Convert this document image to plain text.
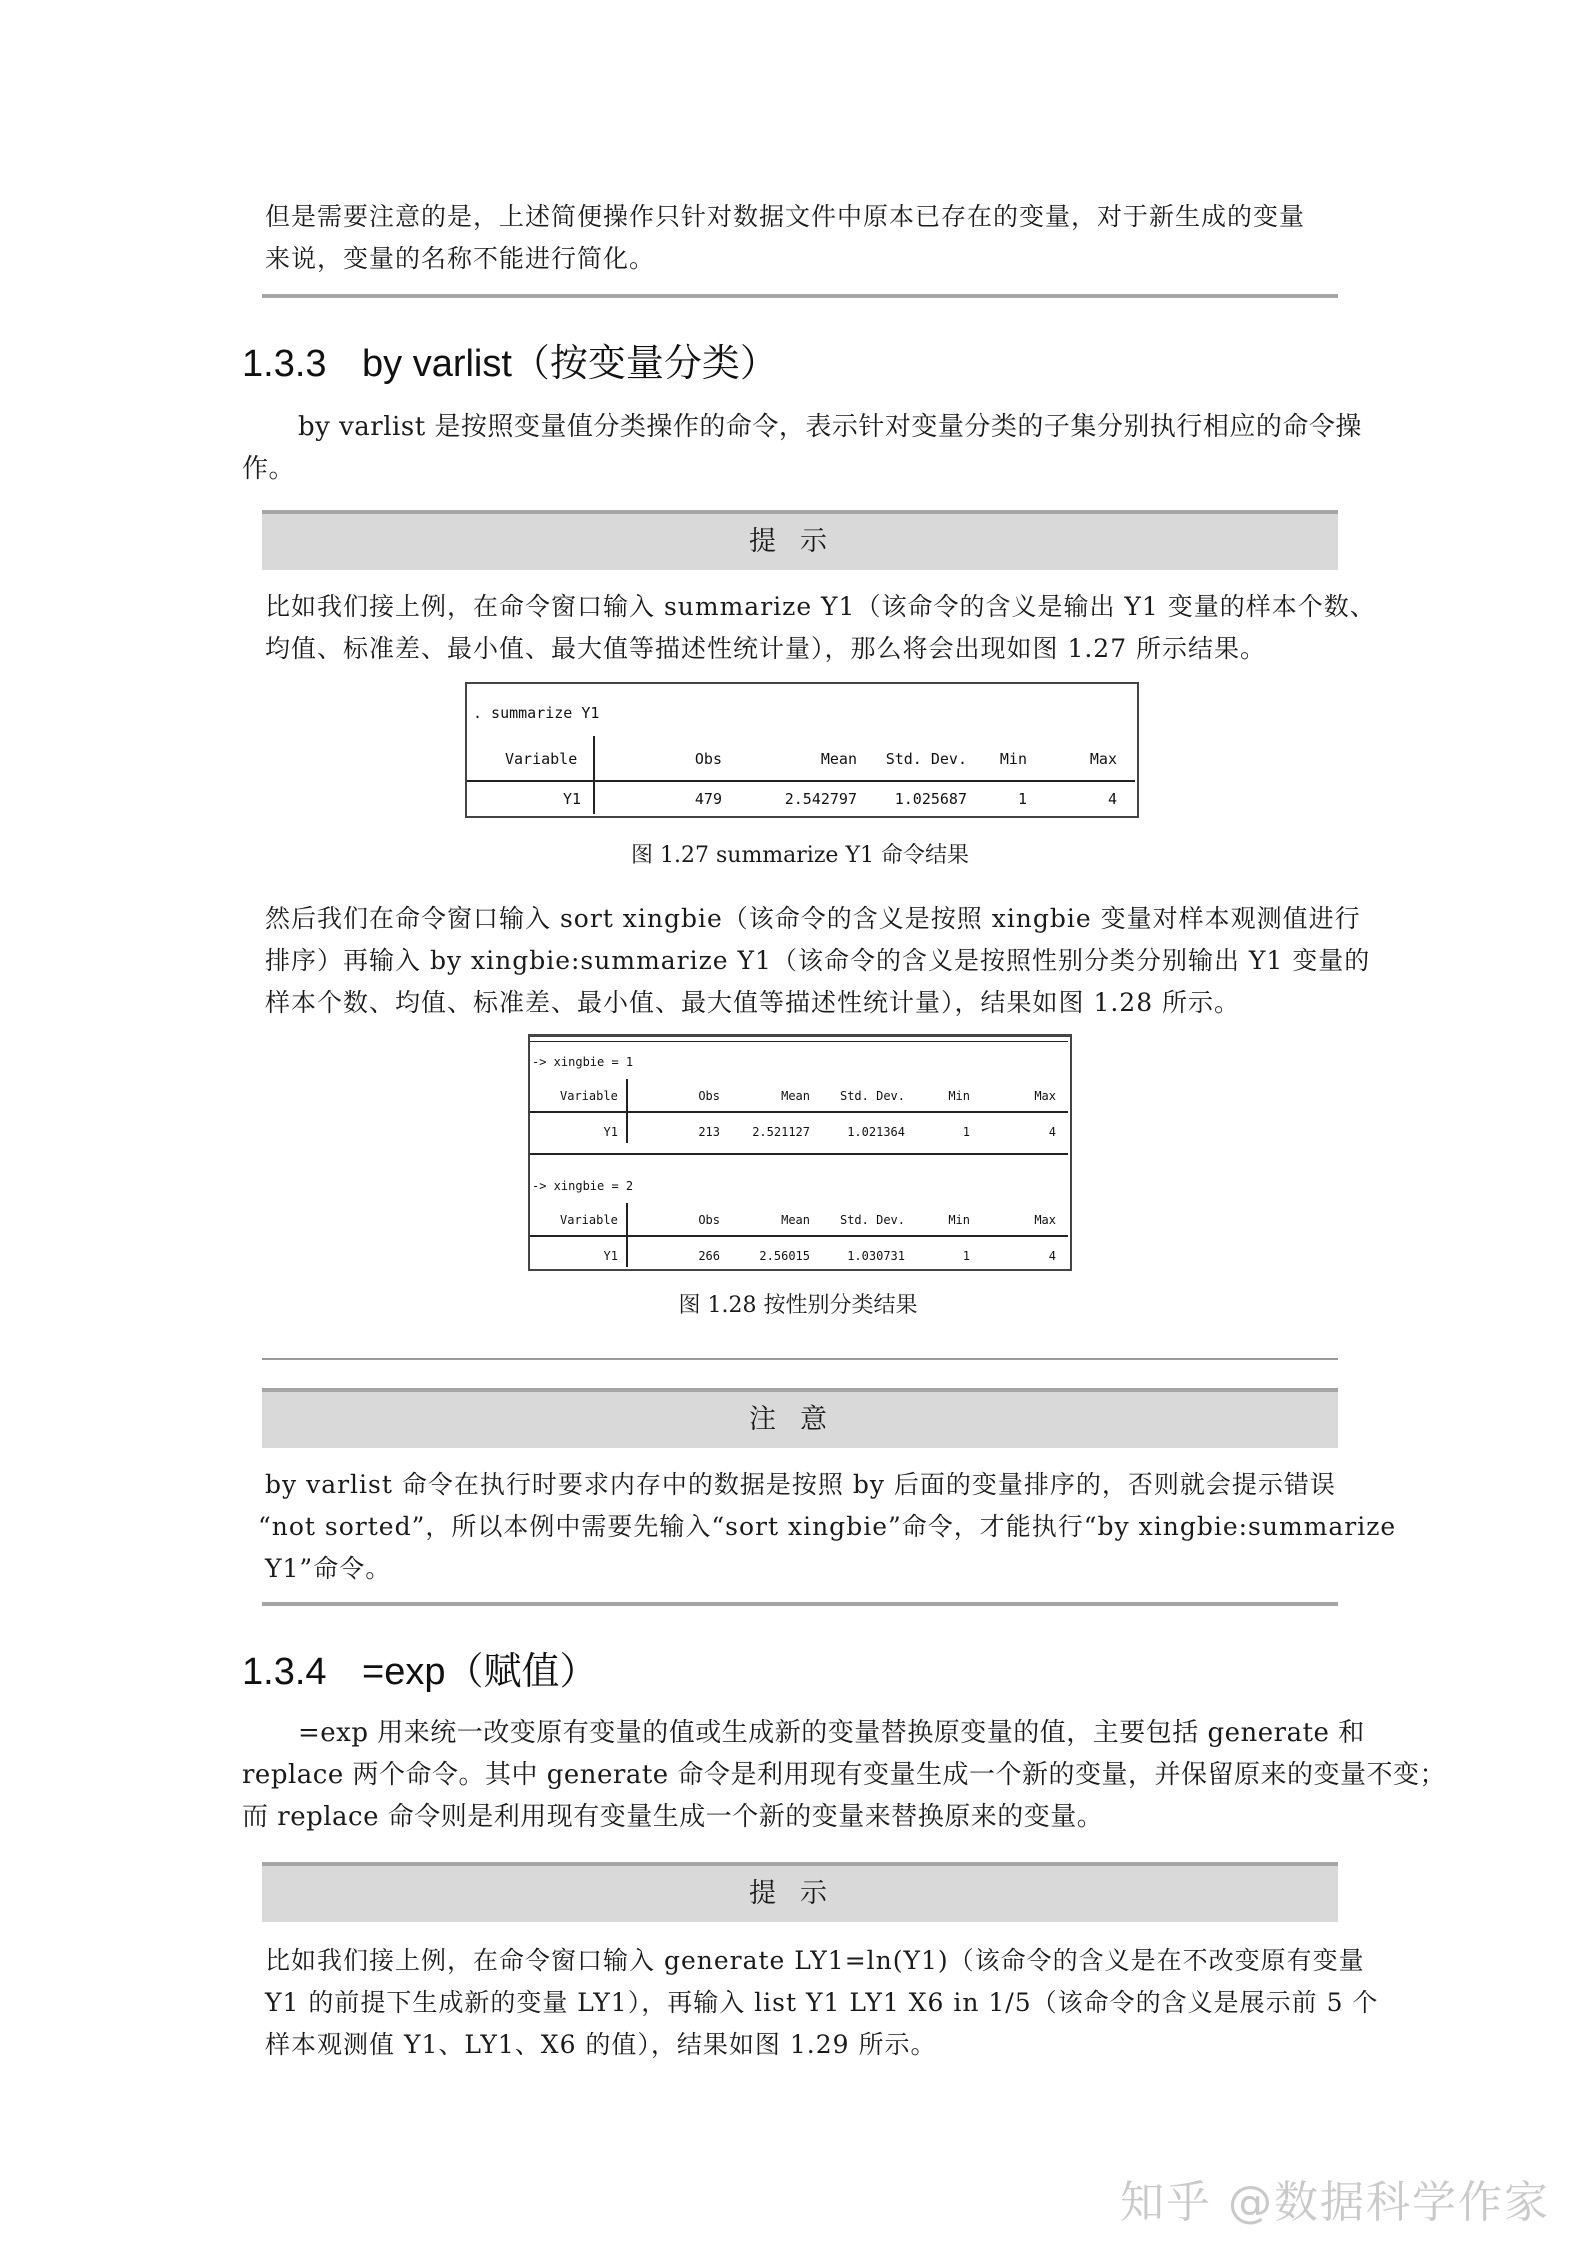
但是需要注意的是，上述简便操作只针对数据文件中原本已存在的变量，对于新生成的变量
来说，变量的名称不能进行简化。
1.3.3 by varlist（按变量分类）
by varlist 是按照变量值分类操作的命令，表示针对变量分类的子集分别执行相应的命令操
作。
提示
比如我们接上例，在命令窗口输入 summarize Y1（该命令的含义是输出 Y1 变量的样本个数、
均值、标准差、最小值、最大值等描述性统计量），那么将会出现如图 1.27 所示结果。
. summarize Y1
Variable	Obs	Mean	Std. Dev.	Min	Max
Y1	479	2.542797	1.025687	1	4
图 1.27 summarize Y1 命令结果
然后我们在命令窗口输入 sort xingbie（该命令的含义是按照 xingbie 变量对样本观测值进行
排序）再输入 by xingbie:summarize Y1（该命令的含义是按照性别分类分别输出 Y1 变量的
样本个数、均值、标准差、最小值、最大值等描述性统计量），结果如图 1.28 所示。
-> xingbie = 1
Variable	Obs	Mean	Std. Dev.	Min	Max
Y1	213	2.521127	1.021364	1	4
-> xingbie = 2
Variable	Obs	Mean	Std. Dev.	Min	Max
Y1	266	2.56015	1.030731	1	4
图 1.28 按性别分类结果
注意
by varlist 命令在执行时要求内存中的数据是按照 by 后面的变量排序的，否则就会提示错误
“not sorted”，所以本例中需要先输入“sort xingbie”命令，才能执行“by xingbie:summarize
Y1”命令。
1.3.4 =exp（赋值）
=exp 用来统一改变原有变量的值或生成新的变量替换原变量的值，主要包括 generate 和
replace 两个命令。其中 generate 命令是利用现有变量生成一个新的变量，并保留原来的变量不变；
而 replace 命令则是利用现有变量生成一个新的变量来替换原来的变量。
提示
比如我们接上例，在命令窗口输入 generate LY1=ln(Y1)（该命令的含义是在不改变原有变量
Y1 的前提下生成新的变量 LY1），再输入 list Y1 LY1 X6 in 1/5（该命令的含义是展示前 5 个
样本观测值 Y1、LY1、X6 的值），结果如图 1.29 所示。
知乎 @数据科学作家
